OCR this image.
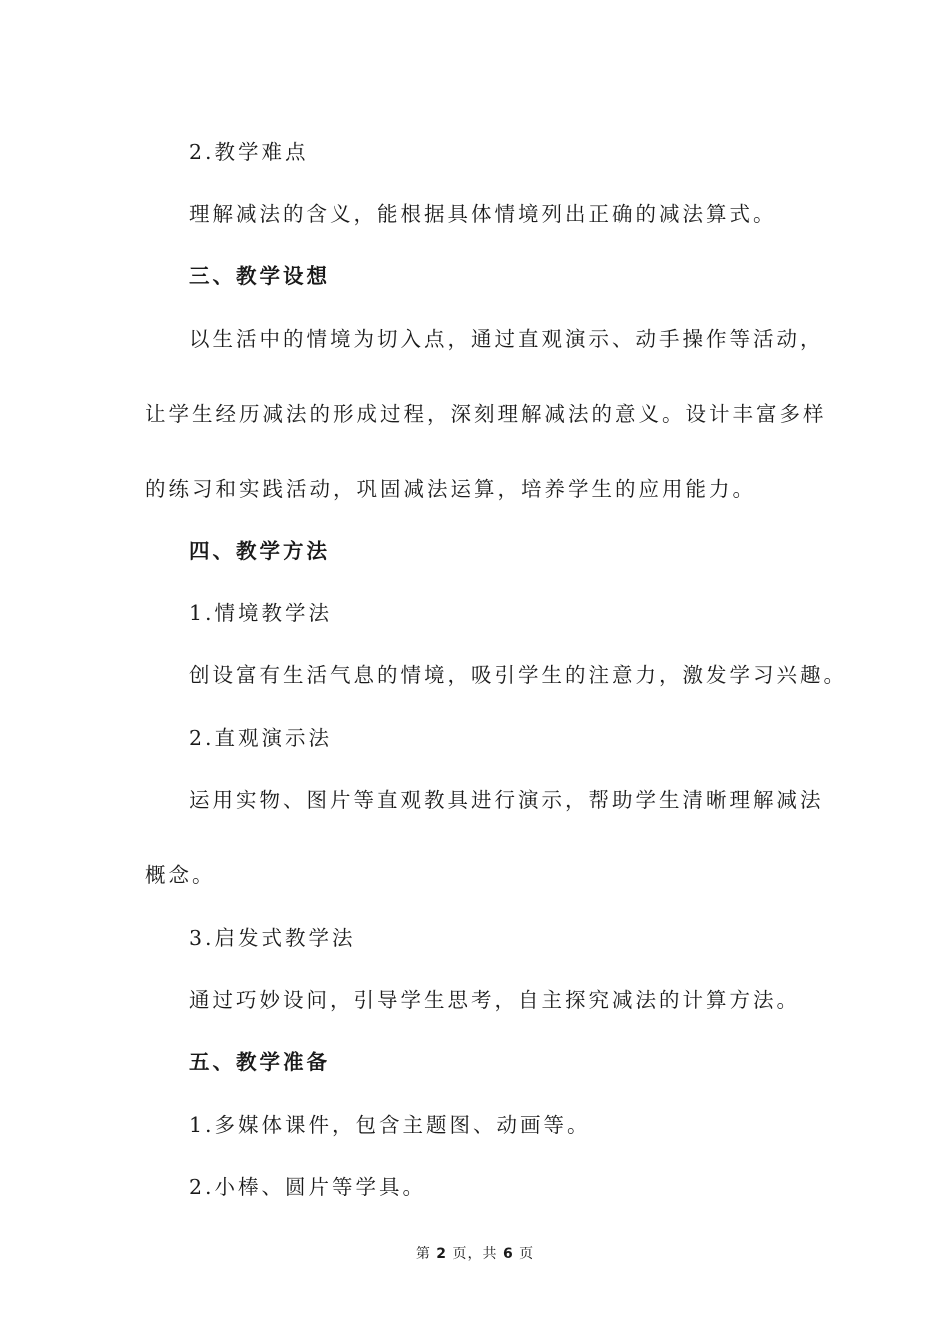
2.教学难点
理解减法的含义，能根据具体情境列出正确的减法算式。
三、教学设想
以生活中的情境为切入点，通过直观演示、动手操作等活动，
让学生经历减法的形成过程，深刻理解减法的意义。设计丰富多样
的练习和实践活动，巩固减法运算，培养学生的应用能力。
四、教学方法
1.情境教学法
创设富有生活气息的情境，吸引学生的注意力，激发学习兴趣。
2.直观演示法
运用实物、图片等直观教具进行演示，帮助学生清晰理解减法
概念。
3.启发式教学法
通过巧妙设问，引导学生思考，自主探究减法的计算方法。
五、教学准备
1.多媒体课件，包含主题图、动画等。
2.小棒、圆片等学具。
第 2 页，共 6 页
